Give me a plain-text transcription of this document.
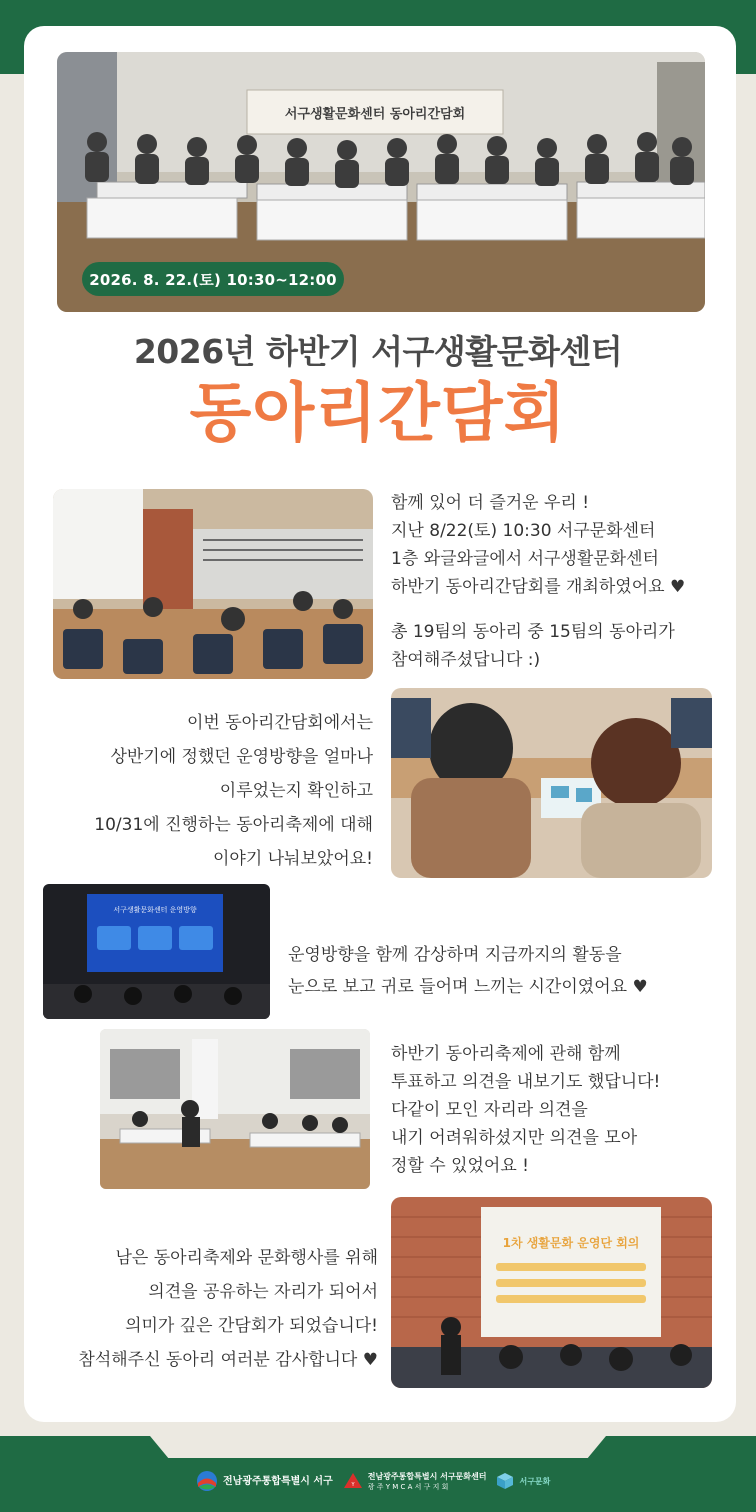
서구생활문화센터 동아리간담회
2026. 8. 22.(토) 10:30~12:00
2026년 하반기 서구생활문화센터
동아리간담회

함께 있어 더 즐거운 우리 !

지난 8/22(토) 10:30 서구문화센터

1층 와글와글에서 서구생활문화센터

하반기 동아리간담회를 개최하였어요 ♥

총 19팀의 동아리 중 15팀의 동아리가

참여해주셨답니다 :)

이번 동아리간담회에서는

상반기에 정했던 운영방향을 얼마나

이루었는지 확인하고

10/31에 진행하는 동아리축제에 대해

이야기 나눠보았어요!

서구생활문화센터 운영방향

운영방향을 함께 감상하며 지금까지의 활동을

눈으로 보고 귀로 들어며 느끼는 시간이였어요 ♥

하반기 동아리축제에 관해 함께

투표하고 의견을 내보기도 했답니다!

다같이 모인 자리라 의견을

내기 어려워하셨지만 의견을 모아

정할 수 있었어요 !

남은 동아리축제와 문화행사를 위해

의견을 공유하는 자리가 되어서

의미가 깊은 간담회가 되었습니다!

참석해주신 동아리 여러분 감사합니다 ♥

1차 생활문화 운영단 회의
전남광주통합특별시 서구	Y
전남광주통합특별시 서구문화센터
광 주 Y M C A 서 구 지 회
서구문화
